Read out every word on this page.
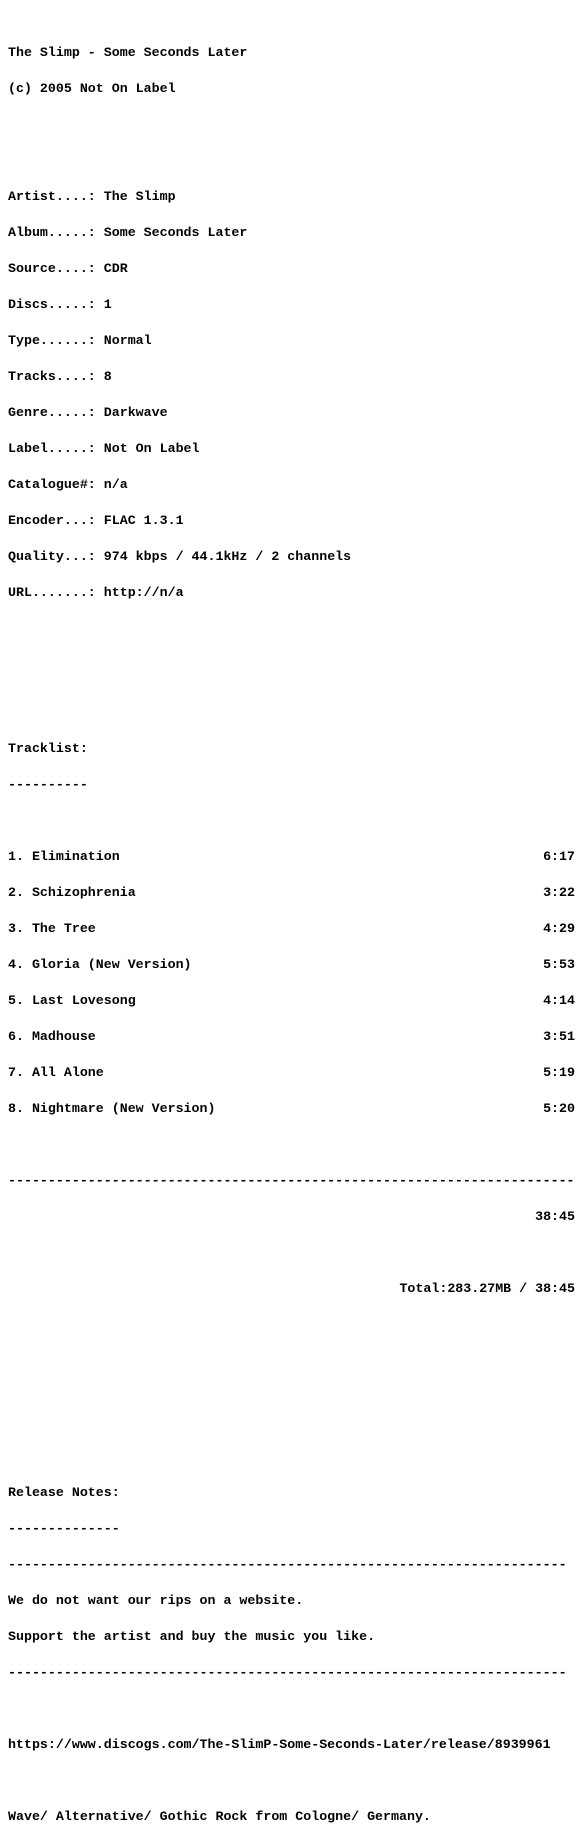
The Slimp - Some Seconds Later

(c) 2005 Not On Label

Artist....: The Slimp

Album.....: Some Seconds Later

Source....: CDR

Discs.....: 1

Type......: Normal

Tracks....: 8

Genre.....: Darkwave

Label.....: Not On Label

Catalogue#: n/a

Encoder...: FLAC 1.3.1

Quality...: 974 kbps / 44.1kHz / 2 channels

URL.......: http://n/a

Tracklist:

----------

1. Elimination	6:17

2. Schizophrenia	3:22

3. The Tree	4:29

4. Gloria (New Version)	5:53

5. Last Lovesong	4:14

6. Madhouse	3:51

7. All Alone	5:19

8. Nightmare (New Version)	5:20

-----------------------------------------------------------------------

38:45

Total:283.27MB / 38:45

Release Notes:

--------------

----------------------------------------------------------------------

We do not want our rips on a website.

Support the artist and buy the music you like.

----------------------------------------------------------------------

https://www.discogs.com/The-SlimP-Some-Seconds-Later/release/8939961

Wave/ Alternative/ Gothic Rock from Cologne/ Germany.
